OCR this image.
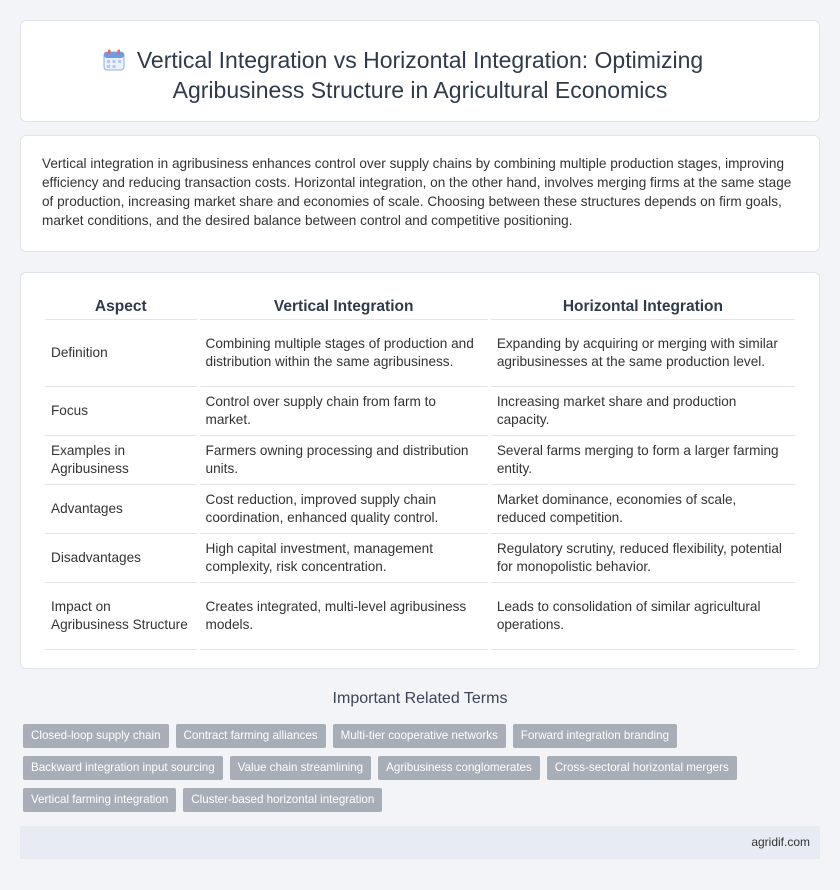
Vertical Integration vs Horizontal Integration: Optimizing
Agribusiness Structure in Agricultural Economics

Vertical integration in agribusiness enhances control over supply chains by combining multiple production stages, improving efficiency and reducing transaction costs. Horizontal integration, on the other hand, involves merging firms at the same stage of production, increasing market share and economies of scale. Choosing between these structures depends on firm goals, market conditions, and the desired balance between control and competitive positioning.

Aspect	Vertical Integration	Horizontal Integration
Definition	Combining multiple stages of production and distribution within the same agribusiness.	Expanding by acquiring or merging with similar agribusinesses at the same production level.
Focus	Control over supply chain from farm to market.	Increasing market share and production capacity.
Examples in Agribusiness	Farmers owning processing and distribution units.	Several farms merging to form a larger farming entity.
Advantages	Cost reduction, improved supply chain coordination, enhanced quality control.	Market dominance, economies of scale, reduced competition.
Disadvantages	High capital investment, management complexity, risk concentration.	Regulatory scrutiny, reduced flexibility, potential for monopolistic behavior.
Impact on Agribusiness Structure	Creates integrated, multi-level agribusiness models.	Leads to consolidation of similar agricultural operations.
Important Related Terms
Closed-loop supply chain	Contract farming alliances	Multi-tier cooperative networks	Forward integration branding
Backward integration input sourcing	Value chain streamlining	Agribusiness conglomerates	Cross-sectoral horizontal mergers
Vertical farming integration	Cluster-based horizontal integration
agridif.com
